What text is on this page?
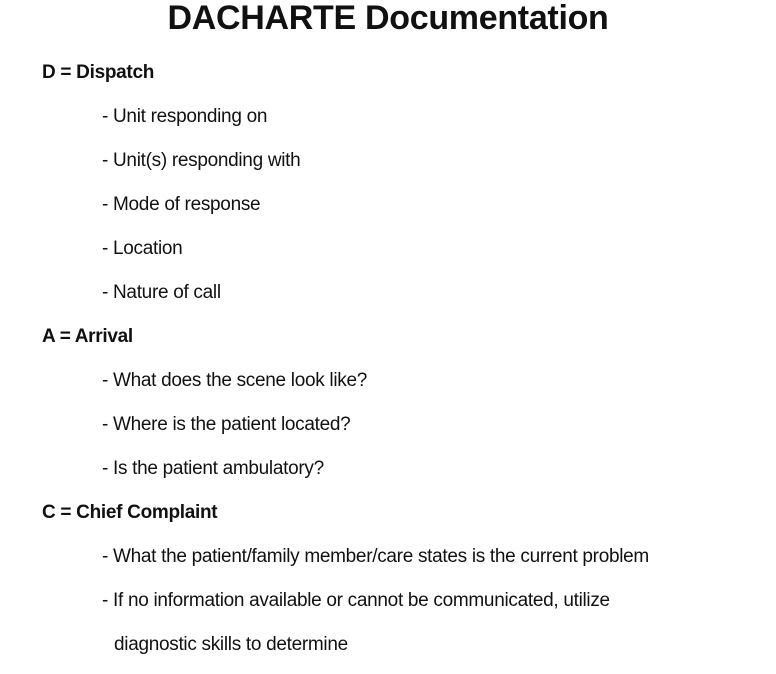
DACHARTE Documentation
D = Dispatch
- Unit responding on
- Unit(s) responding with
- Mode of response
- Location
- Nature of call
A = Arrival
- What does the scene look like?
- Where is the patient located?
- Is the patient ambulatory?
C = Chief Complaint
- What the patient/family member/care states is the current problem
- If no information available or cannot be communicated, utilize
diagnostic skills to determine
